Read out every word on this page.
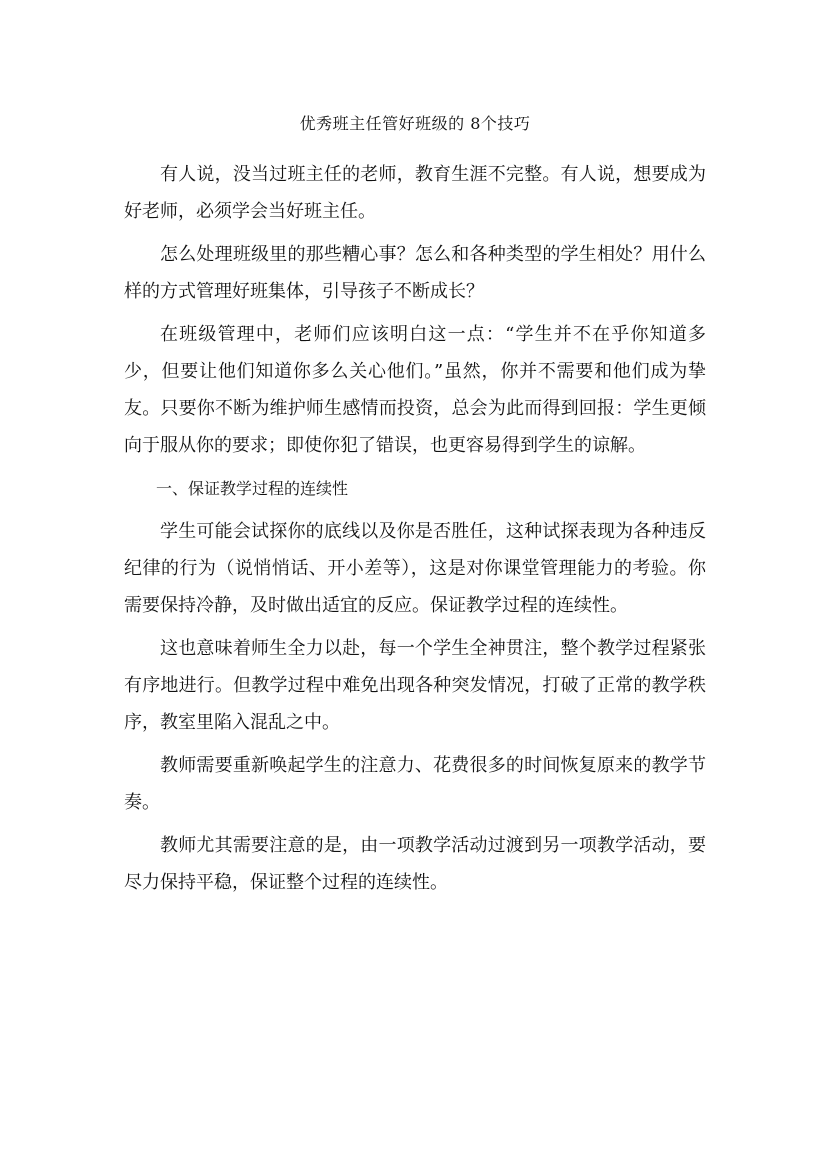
优秀班主任管好班级的 8个技巧

有人说，没当过班主任的老师，教育生涯不完整。有人说，想要成为好老师，必须学会当好班主任。

怎么处理班级里的那些糟心事？怎么和各种类型的学生相处？用什么样的方式管理好班集体，引导孩子不断成长？

在班级管理中，老师们应该明白这一点：“学生并不在乎你知道多少，但要让他们知道你多么关心他们。”虽然，你并不需要和他们成为挚友。只要你不断为维护师生感情而投资，总会为此而得到回报：学生更倾向于服从你的要求；即使你犯了错误，也更容易得到学生的谅解。

一、保证教学过程的连续性

学生可能会试探你的底线以及你是否胜任，这种试探表现为各种违反纪律的行为（说悄悄话、开小差等），这是对你课堂管理能力的考验。你需要保持冷静，及时做出适宜的反应。保证教学过程的连续性。

这也意味着师生全力以赴，每一个学生全神贯注，整个教学过程紧张有序地进行。但教学过程中难免出现各种突发情况，打破了正常的教学秩序，教室里陷入混乱之中。

教师需要重新唤起学生的注意力、花费很多的时间恢复原来的教学节奏。

教师尤其需要注意的是，由一项教学活动过渡到另一项教学活动，要尽力保持平稳，保证整个过程的连续性。
